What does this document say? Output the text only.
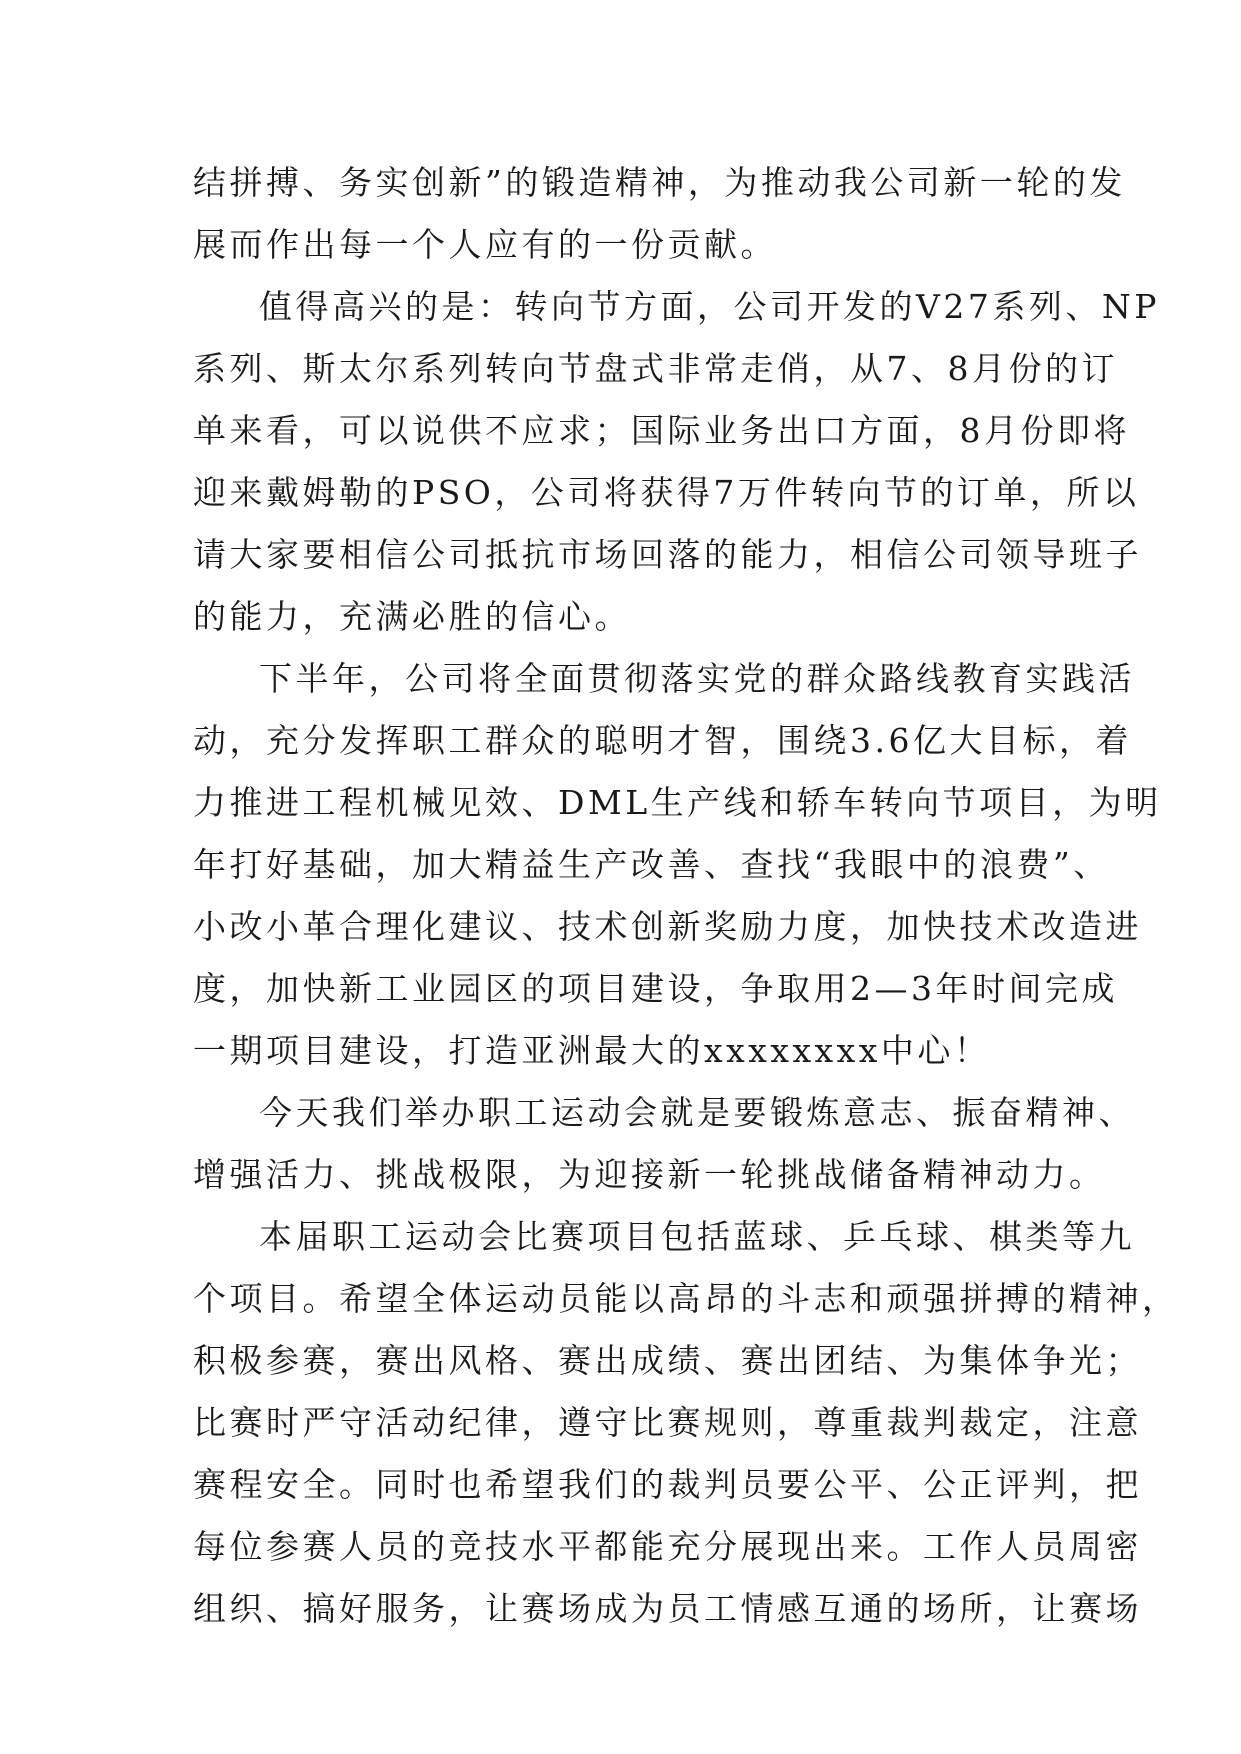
结拼搏、务实创新”的锻造精神，为推动我公司新一轮的发
展而作出每一个人应有的一份贡献。
值得高兴的是：转向节方面，公司开发的V27系列、NP
系列、斯太尔系列转向节盘式非常走俏，从7、8月份的订
单来看，可以说供不应求；国际业务出口方面，8月份即将
迎来戴姆勒的PSO，公司将获得7万件转向节的订单，所以
请大家要相信公司抵抗市场回落的能力，相信公司领导班子
的能力，充满必胜的信心。
下半年，公司将全面贯彻落实党的群众路线教育实践活
动，充分发挥职工群众的聪明才智，围绕3.6亿大目标，着
力推进工程机械见效、DML生产线和轿车转向节项目，为明
年打好基础，加大精益生产改善、查找“我眼中的浪费”、
小改小革合理化建议、技术创新奖励力度，加快技术改造进
度，加快新工业园区的项目建设，争取用2—3年时间完成
一期项目建设，打造亚洲最大的xxxxxxxx中心！
今天我们举办职工运动会就是要锻炼意志、振奋精神、
增强活力、挑战极限，为迎接新一轮挑战储备精神动力。
本届职工运动会比赛项目包括蓝球、乒乓球、棋类等九
个项目。希望全体运动员能以高昂的斗志和顽强拼搏的精神，
积极参赛，赛出风格、赛出成绩、赛出团结、为集体争光；
比赛时严守活动纪律，遵守比赛规则，尊重裁判裁定，注意
赛程安全。同时也希望我们的裁判员要公平、公正评判，把
每位参赛人员的竞技水平都能充分展现出来。工作人员周密
组织、搞好服务，让赛场成为员工情感互通的场所，让赛场
